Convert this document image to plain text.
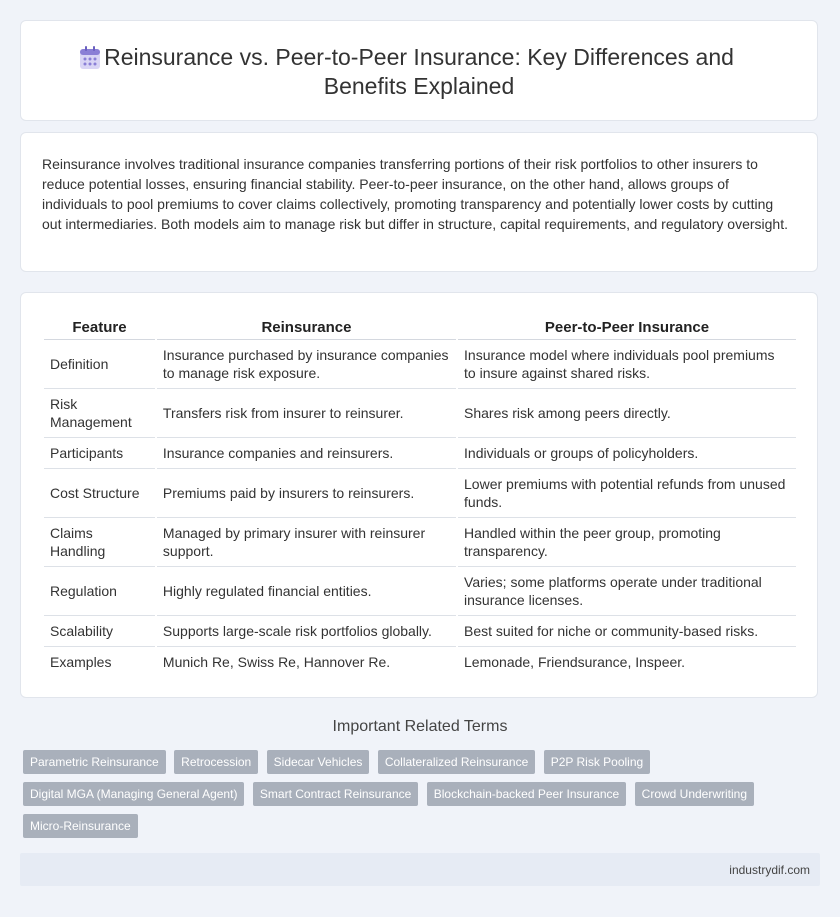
Reinsurance vs. Peer-to-Peer Insurance: Key Differences and
Benefits Explained

Reinsurance involves traditional insurance companies transferring portions of their risk portfolios to other insurers to reduce potential losses, ensuring financial stability. Peer-to-peer insurance, on the other hand, allows groups of individuals to pool premiums to cover claims collectively, promoting transparency and potentially lower costs by cutting out intermediaries. Both models aim to manage risk but differ in structure, capital requirements, and regulatory oversight.

Feature	Reinsurance	Peer-to-Peer Insurance
Definition	Insurance purchased by insurance companies to manage risk exposure.	Insurance model where individuals pool premiums to insure against shared risks.
Risk Management	Transfers risk from insurer to reinsurer.	Shares risk among peers directly.
Participants	Insurance companies and reinsurers.	Individuals or groups of policyholders.
Cost Structure	Premiums paid by insurers to reinsurers.	Lower premiums with potential refunds from unused funds.
Claims Handling	Managed by primary insurer with reinsurer support.	Handled within the peer group, promoting transparency.
Regulation	Highly regulated financial entities.	Varies; some platforms operate under traditional insurance licenses.
Scalability	Supports large-scale risk portfolios globally.	Best suited for niche or community-based risks.
Examples	Munich Re, Swiss Re, Hannover Re.	Lemonade, Friendsurance, Inspeer.
Important Related Terms
Parametric Reinsurance Retrocession Sidecar Vehicles Collateralized Reinsurance P2P Risk Pooling Digital MGA (Managing General Agent) Smart Contract Reinsurance Blockchain-backed Peer Insurance Crowd Underwriting Micro-Reinsurance
industrydif.com
